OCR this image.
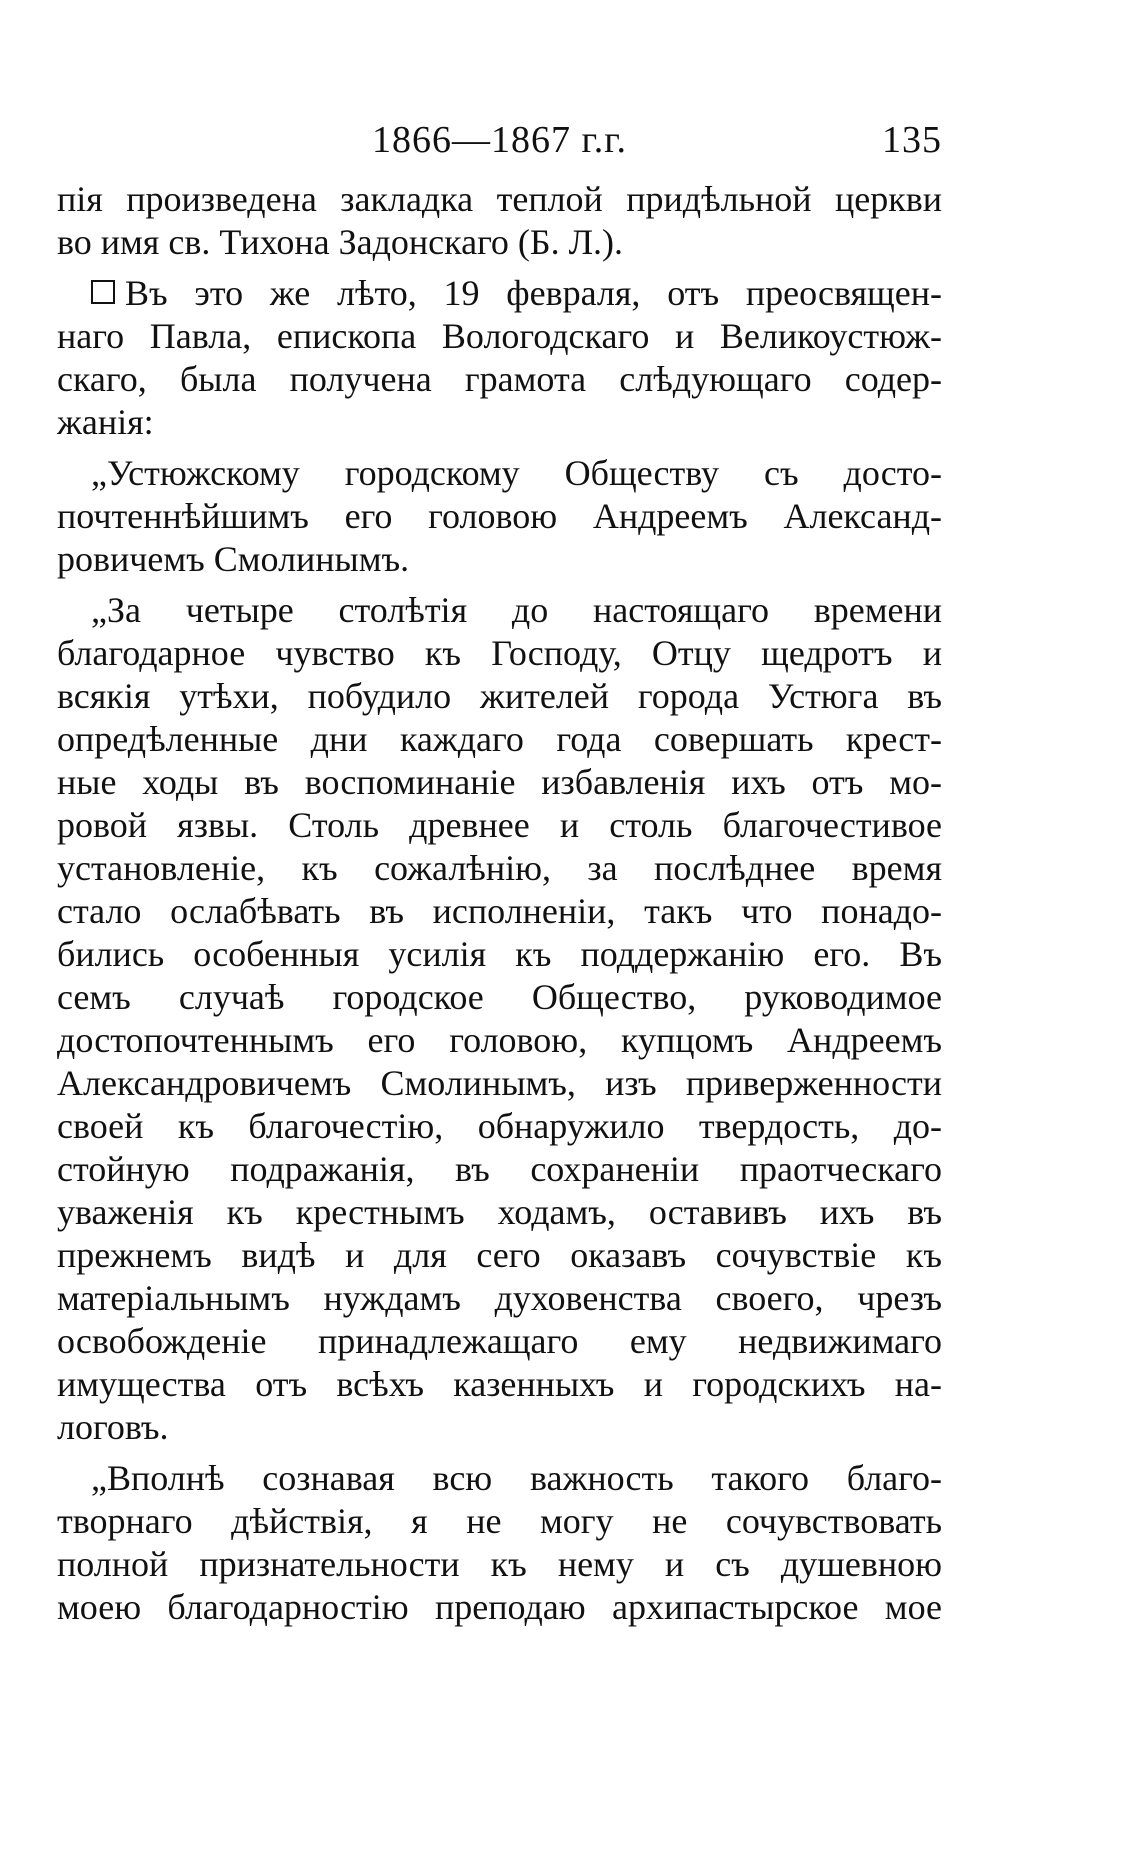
1866—1867 г.г.	135
пія произведена закладка теплой придѣльной церкви
во имя св. Тихона Задонскаго (Б. Л.).
Въ это же лѣто, 19 февраля, отъ преосвящен-
наго Павла, епископа Вологодскаго и Великоустюж-
скаго, была получена грамота слѣдующаго содер-
жанія:
„Устюжскому городскому Обществу съ досто-
почтеннѣйшимъ его головою Андреемъ Александ-
ровичемъ Смолинымъ.
„За четыре столѣтія до настоящаго времени
благодарное чувство къ Господу, Отцу щедротъ и
всякія утѣхи, побудило жителей города Устюга въ
опредѣленные дни каждаго года совершать крест-
ные ходы въ воспоминаніе избавленія ихъ отъ мо-
ровой язвы. Столь древнее и столь благочестивое
установленіе, къ сожалѣнію, за послѣднее время
стало ослабѣвать въ исполненіи, такъ что понадо-
бились особенныя усилія къ поддержанію его. Въ
семъ случаѣ городское Общество, руководимое
достопочтеннымъ его головою, купцомъ Андреемъ
Александровичемъ Смолинымъ, изъ приверженности
своей къ благочестію, обнаружило твердость, до-
стойную подражанія, въ сохраненіи праотческаго
уваженія къ крестнымъ ходамъ, оставивъ ихъ въ
прежнемъ видѣ и для сего оказавъ сочувствіе къ
матеріальнымъ нуждамъ духовенства своего, чрезъ
освобожденіе принадлежащаго ему недвижимаго
имущества отъ всѣхъ казенныхъ и городскихъ на-
логовъ.
„Вполнѣ сознавая всю важность такого благо-
творнаго дѣйствія, я не могу не сочувствовать
полной признательности къ нему и съ душевною
моею благодарностію преподаю архипастырское мое
